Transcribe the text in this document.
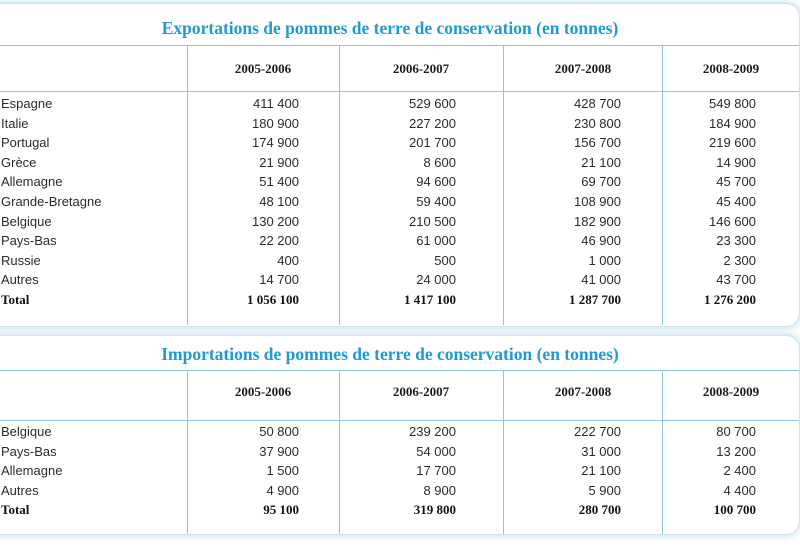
Exportations de pommes de terre de conservation (en tonnes)
2005-2006	2006-2007	2007-2008	2008-2009
Espagne	411 400	529 600	428 700	549 800
Italie	180 900	227 200	230 800	184 900
Portugal	174 900	201 700	156 700	219 600
Grèce	21 900	8 600	21 100	14 900
Allemagne	51 400	94 600	69 700	45 700
Grande-Bretagne	48 100	59 400	108 900	45 400
Belgique	130 200	210 500	182 900	146 600
Pays-Bas	22 200	61 000	46 900	23 300
Russie	400	500	1 000	2 300
Autres	14 700	24 000	41 000	43 700
Total	1 056 100	1 417 100	1 287 700	1 276 200
Importations de pommes de terre de conservation (en tonnes)
2005-2006	2006-2007	2007-2008	2008-2009
Belgique	50 800	239 200	222 700	80 700
Pays-Bas	37 900	54 000	31 000	13 200
Allemagne	1 500	17 700	21 100	2 400
Autres	4 900	8 900	5 900	4 400
Total	95 100	319 800	280 700	100 700
